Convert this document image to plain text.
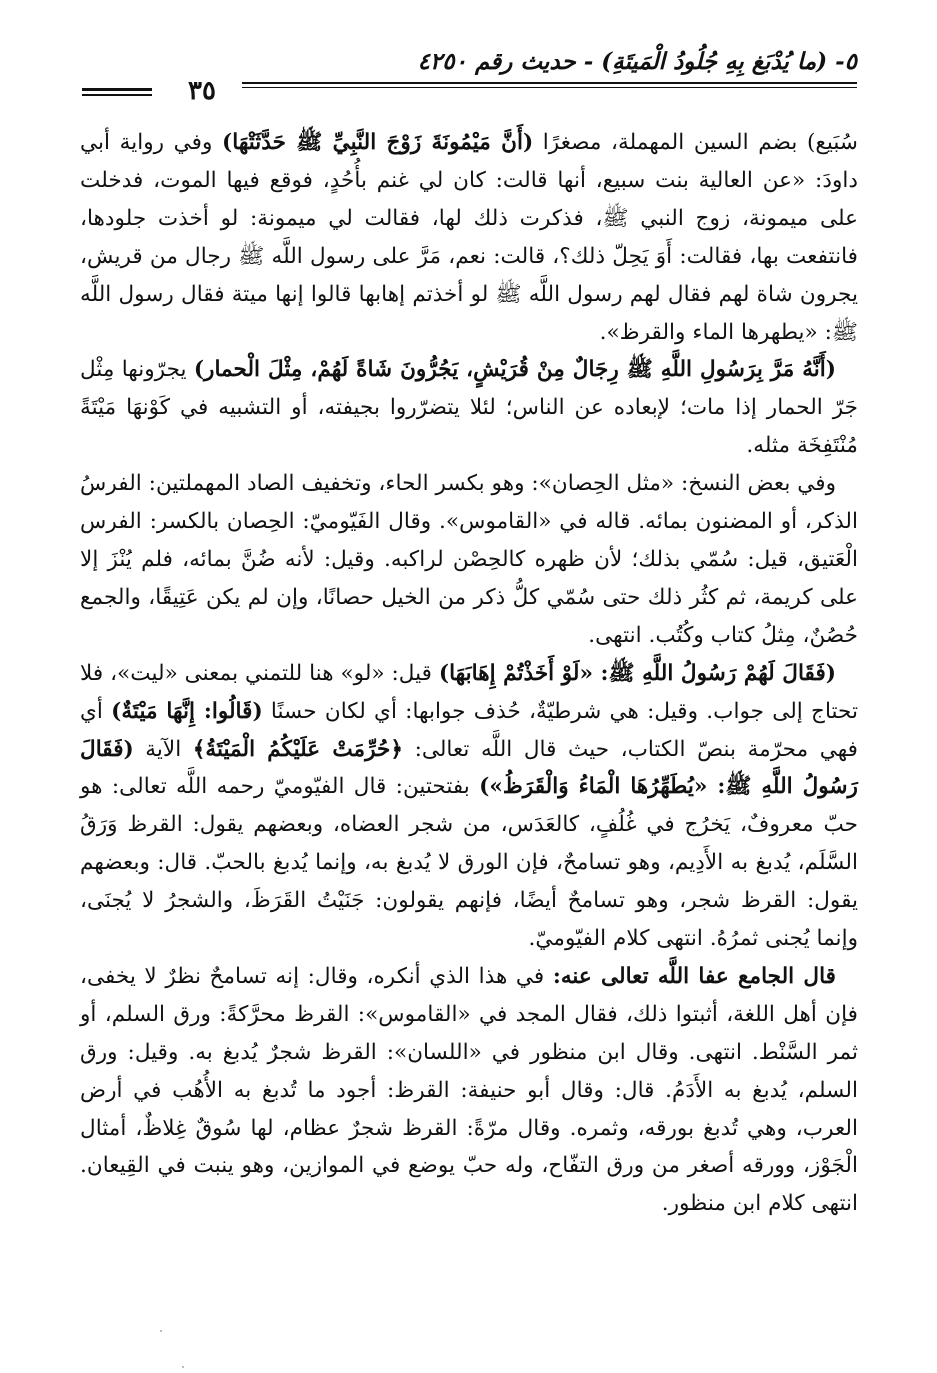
٥- (ما يُدْبَغ بِهِ جُلُودُ الْمَيتَةِ) - حديث رقم ٤٢٥٠
٣٥

سُبَيع) بضم السين المهملة، مصغرًا (أَنَّ مَيْمُونَةَ زَوْجَ النَّبِيِّ ﷺ حَدَّثَتْهَا) وفي رواية أبي داودَ: «عن العالية بنت سبيع، أنها قالت: كان لي غنم بأُحُدٍ، فوقع فيها الموت، فدخلت على ميمونة، زوج النبي ﷺ، فذكرت ذلك لها، فقالت لي ميمونة: لو أخذت جلودها، فانتفعت بها، فقالت: أَوَ يَحِلّ ذلك؟، قالت: نعم، مَرَّ على رسول اللَّه ﷺ رجال من قريش، يجرون شاة لهم فقال لهم رسول اللَّه ﷺ لو أخذتم إهابها قالوا إنها ميتة فقال رسول اللَّه ﷺ: «يطهرها الماء والقرظ».

(أَنَّهُ مَرَّ بِرَسُولِ اللَّهِ ﷺ رِجَالٌ مِنْ قُرَيْشٍ، يَجُرُّونَ شَاةً لَهُمْ، مِثْلَ الْحمار) يجرّونها مِثْل جَرّ الحمار إذا مات؛ لإبعاده عن الناس؛ لئلا يتضرّروا بجيفته، أو التشبيه في كَوْنهَا مَيْتَةً مُنْتَفِخَة مثله.

وفي بعض النسخ: «مثل الحِصان»: وهو بكسر الحاء، وتخفيف الصاد المهملتين: الفرسُ الذكر، أو المضنون بمائه. قاله في «القاموس». وقال الفَيّوميّ: الحِصان بالكسر: الفرس الْعَتيق، قيل: سُمّي بذلك؛ لأن ظهره كالحِصْن لراكبه. وقيل: لأنه ضُنَّ بمائه، فلم يُنْزَ إلا على كريمة، ثم كثُر ذلك حتى سُمّي كلُّ ذكر من الخيل حصانًا، وإن لم يكن عَتِيقًا، والجمع حُصُنٌ، مِثلُ كتاب وكُتُب. انتهى.

(فَقَالَ لَهُمْ رَسُولُ اللَّهِ ﷺ: «لَوْ أَخَذْتُمْ إِهَابَهَا) قيل: «لو» هنا للتمني بمعنى «ليت»، فلا تحتاج إلى جواب. وقيل: هي شرطيّةٌ، حُذف جوابها: أي لكان حسنًا (قَالُوا: إِنَّهَا مَيْتَةٌ) أي فهي محرّمة بنصّ الكتاب، حيث قال اللَّه تعالى: ﴿حُرِّمَتْ عَلَيْكُمُ الْمَيْتَةُ﴾ الآية (فَقَالَ رَسُولُ اللَّهِ ﷺ: «يُطَهِّرُهَا الْمَاءُ وَالْقَرَظُ») بفتحتين: قال الفيّوميّ رحمه اللَّه تعالى: هو حبّ معروفٌ، يَخرُج في غُلُفٍ، كالعَدَس، من شجر العضاه، وبعضهم يقول: القرظ وَرَقُ السَّلَم، يُدبغ به الأَدِيم، وهو تسامحٌ، فإن الورق لا يُدبغ به، وإنما يُدبغ بالحبّ. قال: وبعضهم يقول: القرظ شجر، وهو تسامحٌ أيضًا، فإنهم يقولون: جَنَيْتُ القَرَظَ، والشجرُ لا يُجنَى، وإنما يُجنى ثمرُهُ. انتهى كلام الفيّوميّ.

قال الجامع عفا اللَّه تعالى عنه: في هذا الذي أنكره، وقال: إنه تسامحٌ نظرٌ لا يخفى، فإن أهل اللغة، أثبتوا ذلك، فقال المجد في «القاموس»: القرظ محرَّكةً: ورق السلم، أو ثمر السَّنْط. انتهى. وقال ابن منظور في «اللسان»: القرظ شجرٌ يُدبغ به. وقيل: ورق السلم، يُدبغ به الأَدَمُ. قال: وقال أبو حنيفة: القرظ: أجود ما تُدبغ به الأُهُب في أرض العرب، وهي تُدبغ بورقه، وثمره. وقال مرّةً: القرظ شجرٌ عظام، لها سُوقٌ غِلاظٌ، أمثال الْجَوْز، وورقه أصغر من ورق التفّاح، وله حبّ يوضع في الموازين، وهو ينبت في القِيعان. انتهى كلام ابن منظور.
